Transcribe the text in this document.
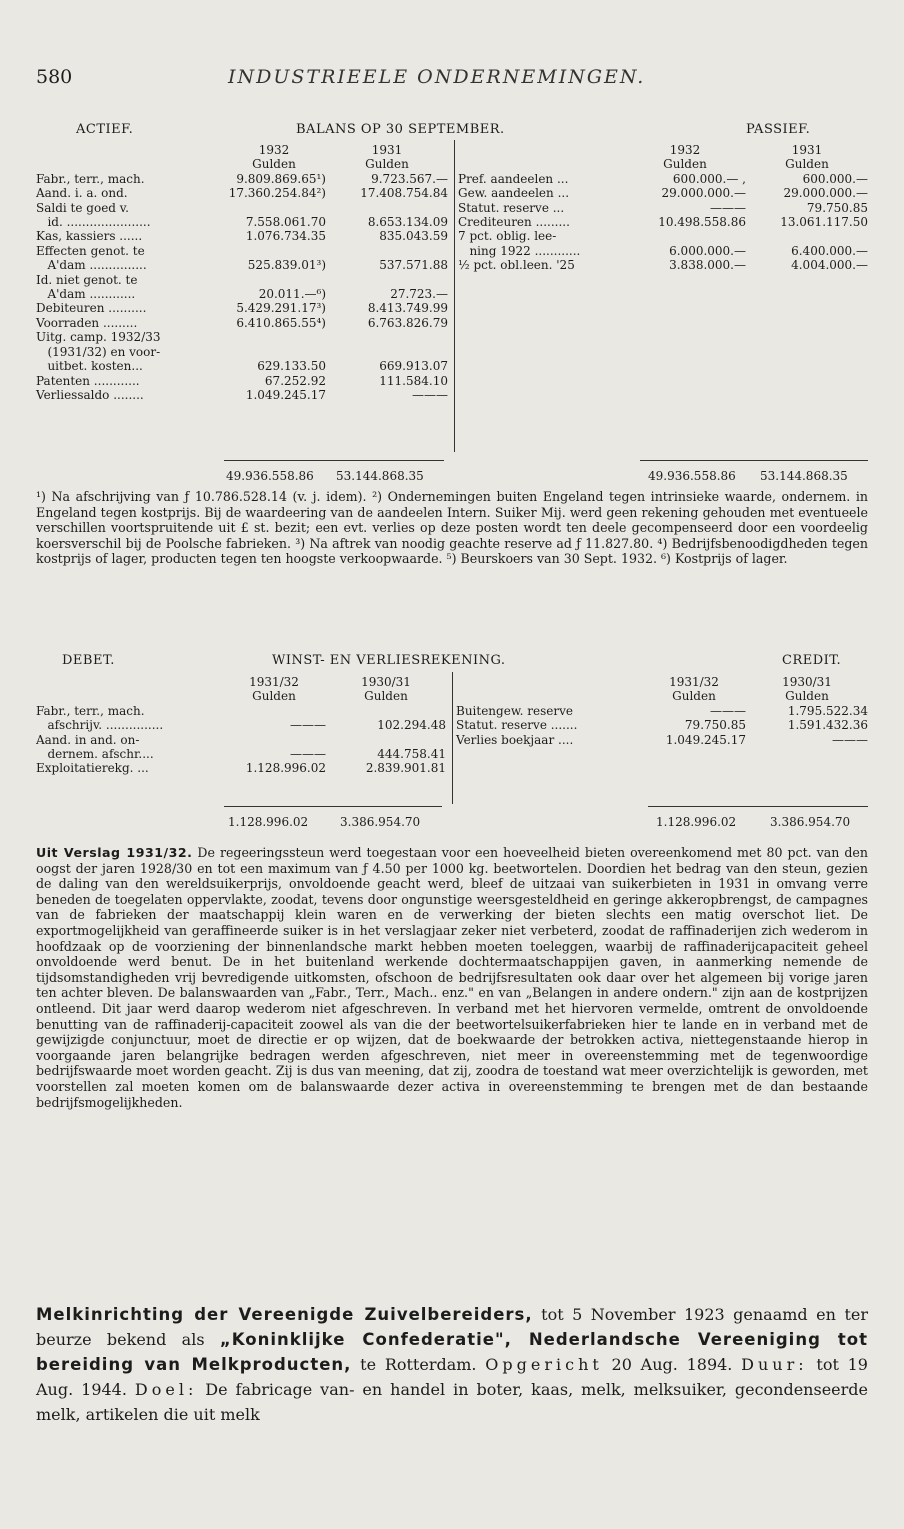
580	INDUSTRIEELE ONDERNEMINGEN.
ACTIEF.	BALANS OP 30 SEPTEMBER.	PASSIEF.
	1932	1931
	Gulden	Gulden
Fabr., terr., mach.	9.809.869.65¹)	9.723.567.—
Aand. i. a. ond.	17.360.254.84²)	17.408.754.84
Saldi te goed v.		
id. ......................	7.558.061.70	8.653.134.09
Kas, kassiers ......	1.076.734.35	835.043.59
Effecten genot. te		
A'dam ...............	525.839.01³)	537.571.88
Id. niet genot. te		
A'dam ............	20.011.—⁶)	27.723.—
Debiteuren ..........	5.429.291.17³)	8.413.749.99
Voorraden .........	6.410.865.55⁴)	6.763.826.79
Uitg. camp. 1932/33		
(1931/32) en voor-		
uitbet. kosten...	629.133.50	669.913.07
Patenten ............	67.252.92	111.584.10
Verliessaldo ........	1.049.245.17	———
	1932	1931
	Gulden	Gulden
Pref. aandeelen ...	600.000.— ,	600.000.—
Gew. aandeelen ...	29.000.000.—	29.000.000.—
Statut. reserve ...	———	79.750.85
Crediteuren .........	10.498.558.86	13.061.117.50
7 pct. oblig. lee-		
ning 1922 ............	6.000.000.—	6.400.000.—
½ pct. obl.leen. '25	3.838.000.—	4.004.000.—
49.936.558.86 53.144.868.35	49.936.558.86 53.144.868.35
¹) Na afschrijving van ƒ 10.786.528.14 (v. j. idem). ²) Ondernemingen buiten Engeland tegen intrinsieke waarde, ondernem. in Engeland tegen kostprijs. Bij de waardeering van de aandeelen Intern. Suiker Mij. werd geen rekening gehouden met eventueele verschillen voortspruitende uit £ st. bezit; een evt. verlies op deze posten wordt ten deele gecompenseerd door een voordeelig koersverschil bij de Poolsche fabrieken. ³) Na aftrek van noodig geachte reserve ad ƒ 11.827.80. ⁴) Bedrijfsbenoodigdheden tegen kostprijs of lager, producten tegen ten hoogste verkoopwaarde. ⁵) Beurskoers van 30 Sept. 1932. ⁶) Kostprijs of lager.
DEBET.	WINST- EN VERLIESREKENING.	CREDIT.
	1931/32	1930/31
	Gulden	Gulden
Fabr., terr., mach.		
afschrijv. ...............	———	102.294.48
Aand. in and. on-		
dernem. afschr....	———	444.758.41
Exploitatierekg. ...	1.128.996.02	2.839.901.81
	1931/32	1930/31
	Gulden	Gulden
Buitengew. reserve	———	1.795.522.34
Statut. reserve .......	79.750.85	1.591.432.36
Verlies boekjaar ....	1.049.245.17	———
1.128.996.02	3.386.954.70	1.128.996.02	3.386.954.70

Uit Verslag 1931/32. De regeeringssteun werd toegestaan voor een hoeveelheid bieten overeenkomend met 80 pct. van den oogst der jaren 1928/30 en tot een maximum van ƒ 4.50 per 1000 kg. beetwortelen. Doordien het bedrag van den steun, gezien de daling van den wereldsuikerprijs, onvoldoende geacht werd, bleef de uitzaai van suikerbieten in 1931 in omvang verre beneden de toegelaten oppervlakte, zoodat, tevens door ongunstige weersgesteldheid en geringe akkeropbrengst, de campagnes van de fabrieken der maatschappij klein waren en de verwerking der bieten slechts een matig overschot liet. De exportmogelijkheid van geraffineerde suiker is in het verslagjaar zeker niet verbeterd, zoodat de raffinaderijen zich wederom in hoofdzaak op de voorziening der binnenlandsche markt hebben moeten toeleggen, waarbij de raffinaderijcapaciteit geheel onvoldoende werd benut. De in het buitenland werkende dochtermaatschappijen gaven, in aanmerking nemende de tijdsomstandigheden vrij bevredigende uitkomsten, ofschoon de bedrijfsresultaten ook daar over het algemeen bij vorige jaren ten achter bleven. De balanswaarden van „Fabr., Terr., Mach.. enz." en van „Belangen in andere ondern." zijn aan de kostprijzen ontleend. Dit jaar werd daarop wederom niet afgeschreven. In verband met het hiervoren vermelde, omtrent de onvoldoende benutting van de raffinaderij-capaciteit zoowel als van die der beetwortelsuikerfabrieken hier te lande en in verband met de gewijzigde conjunctuur, moet de directie er op wijzen, dat de boekwaarde der betrokken activa, niettegenstaande hierop in voorgaande jaren belangrijke bedragen werden afgeschreven, niet meer in overeenstemming met de tegenwoordige bedrijfswaarde moet worden geacht. Zij is dus van meening, dat zij, zoodra de toestand wat meer overzichtelijk is geworden, met voorstellen zal moeten komen om de balanswaarde dezer activa in overeenstemming te brengen met de dan bestaande bedrijfsmogelijkheden.

Melkinrichting der Vereenigde Zuivelbereiders, tot 5 November 1923 genaamd en ter beurze bekend als „Koninklijke Confederatie", Nederlandsche Vereeniging tot bereiding van Melkproducten, te Rotterdam. Opgericht 20 Aug. 1894. Duur: tot 19 Aug. 1944. Doel: De fabricage van- en handel in boter, kaas, melk, melksuiker, gecondenseerde melk, artikelen die uit melk
